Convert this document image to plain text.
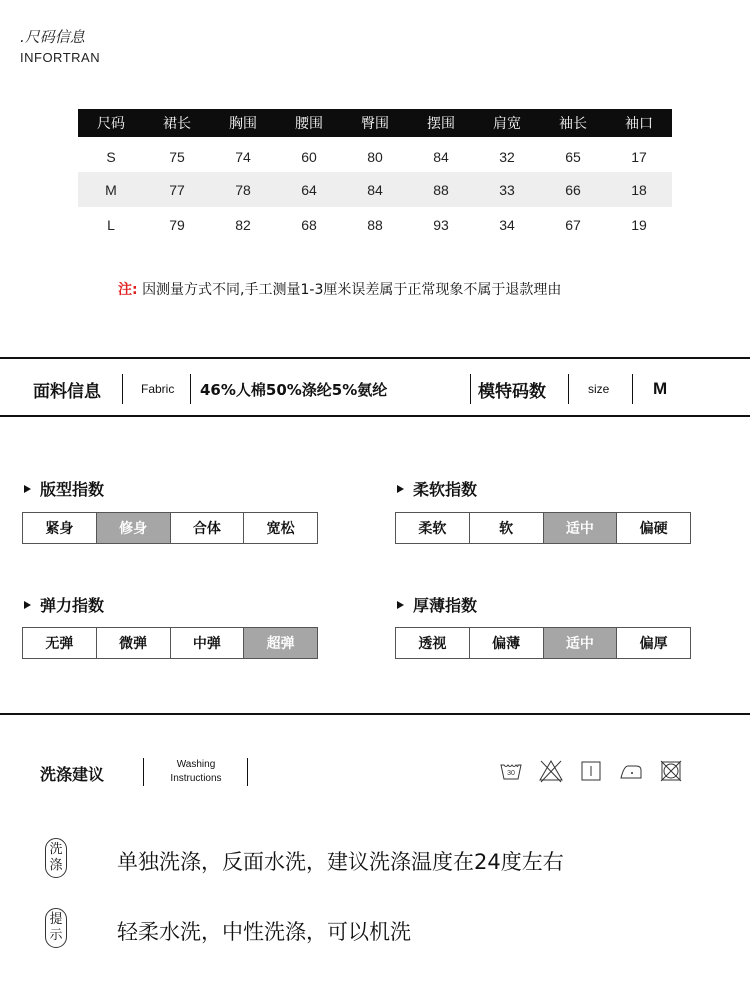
.尺码信息
INFORTRAN
尺码	裙长	胸围	腰围	臀围	摆围	肩宽	袖长	袖口
S	75	74	60	80	84	32	65	17
M	77	78	64	84	88	33	66	18
L	79	82	68	88	93	34	67	19
注: 因测量方式不同,手工测量1-3厘米误差属于正常现象不属于退款理由
面料信息	Fabric 46%人棉50%涤纶5%氨纶	模特码数	size	M
版型指数
紧身	修身	合体	宽松
柔软指数
柔软	软	适中	偏硬
弹力指数
无弹	微弹	中弹	超弹
厚薄指数
透视	偏薄	适中	偏厚
洗涤建议
Washing
Instructions	30
洗
涤	单独洗涤，反面水洗，建议洗涤温度在24度左右
提
示	轻柔水洗，中性洗涤，可以机洗
